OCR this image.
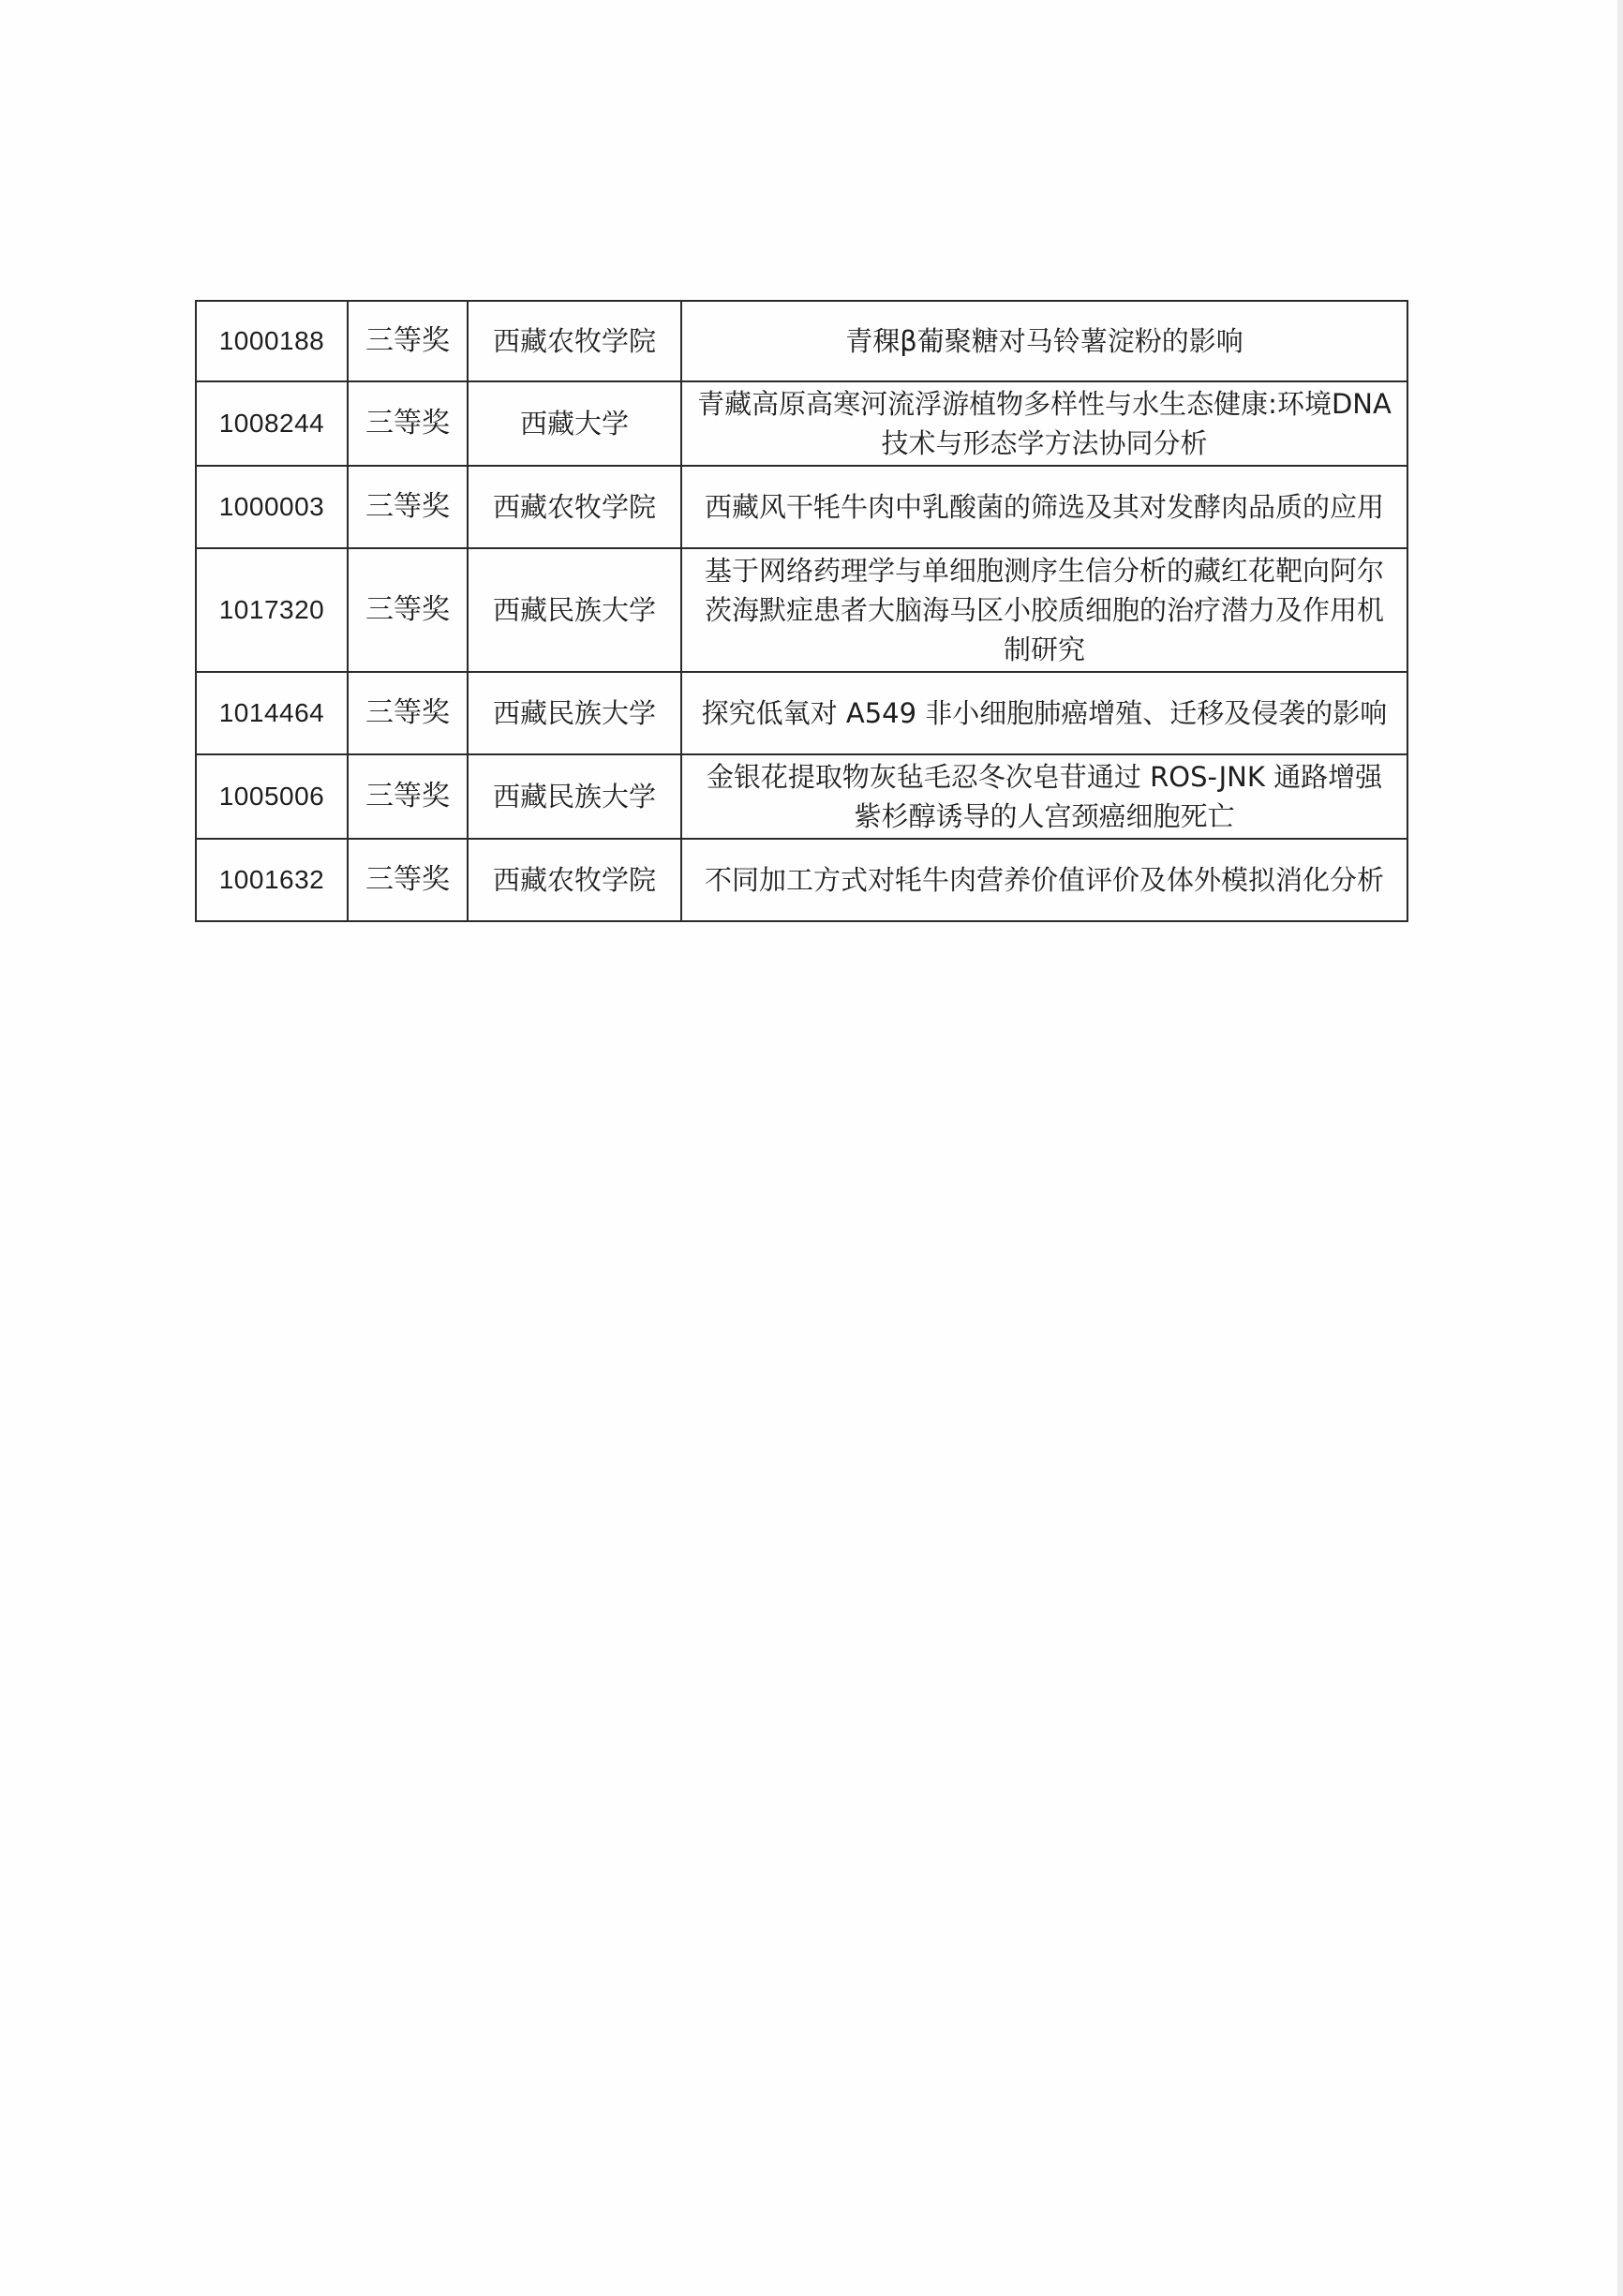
1000188	三等奖	西藏农牧学院	青稞β葡聚糖对马铃薯淀粉的影响
1008244	三等奖	西藏大学	青藏高原高寒河流浮游植物多样性与水生态健康:环境DNA 技术与形态学方法协同分析
1000003	三等奖	西藏农牧学院	西藏风干牦牛肉中乳酸菌的筛选及其对发酵肉品质的应用
1017320	三等奖	西藏民族大学	基于网络药理学与单细胞测序生信分析的藏红花靶向阿尔茨海默症患者大脑海马区小胶质细胞的治疗潜力及作用机制研究
1014464	三等奖	西藏民族大学	探究低氧对 A549 非小细胞肺癌增殖、迁移及侵袭的影响
1005006	三等奖	西藏民族大学	金银花提取物灰毡毛忍冬次皂苷通过 ROS-JNK 通路增强紫杉醇诱导的人宫颈癌细胞死亡
1001632	三等奖	西藏农牧学院	不同加工方式对牦牛肉营养价值评价及体外模拟消化分析
